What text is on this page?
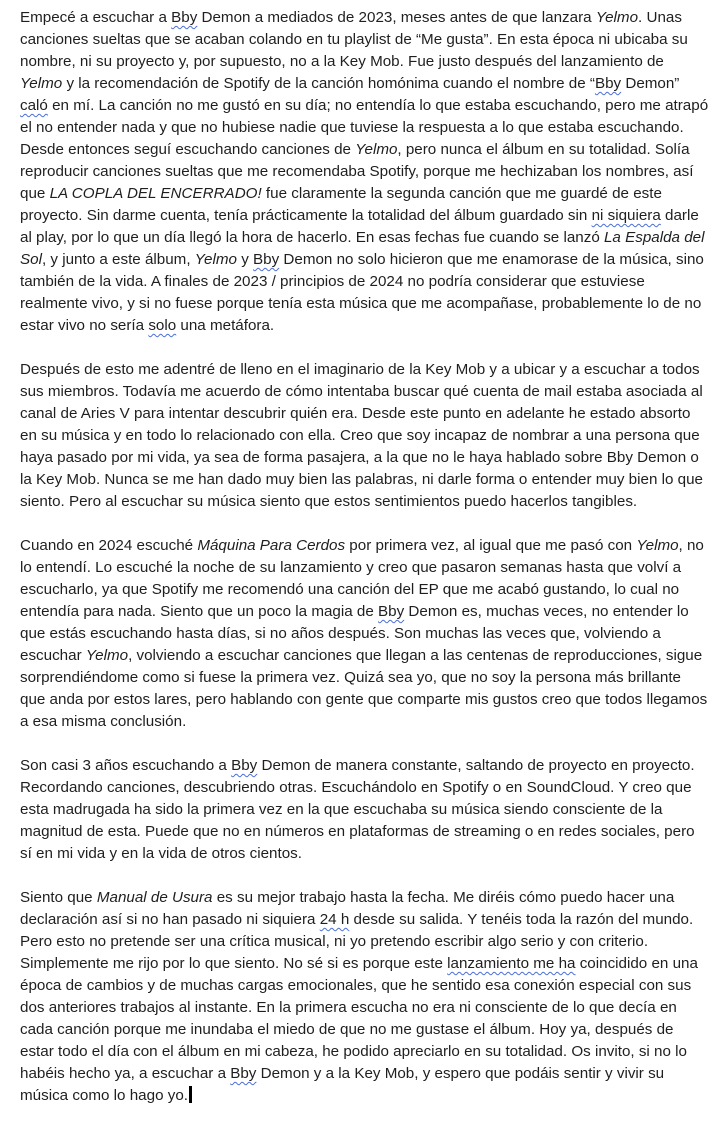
Empecé a escuchar a Bby Demon a mediados de 2023, meses antes de que lanzara Yelmo. Unas canciones sueltas que se acaban colando en tu playlist de “Me gusta”. En esta época ni ubicaba su nombre, ni su proyecto y, por supuesto, no a la Key Mob. Fue justo después del lanzamiento de Yelmo y la recomendación de Spotify de la canción homónima cuando el nombre de “Bby Demon” caló en mí. La canción no me gustó en su día; no entendía lo que estaba escuchando, pero me atrapó el no entender nada y que no hubiese nadie que tuviese la respuesta a lo que estaba escuchando. Desde entonces seguí escuchando canciones de Yelmo, pero nunca el álbum en su totalidad. Solía reproducir canciones sueltas que me recomendaba Spotify, porque me hechizaban los nombres, así que LA COPLA DEL ENCERRADO! fue claramente la segunda canción que me guardé de este proyecto. Sin darme cuenta, tenía prácticamente la totalidad del álbum guardado sin ni siquiera darle al play, por lo que un día llegó la hora de hacerlo. En esas fechas fue cuando se lanzó La Espalda del Sol, y junto a este álbum, Yelmo y Bby Demon no solo hicieron que me enamorase de la música, sino también de la vida. A finales de 2023 / principios de 2024 no podría considerar que estuviese realmente vivo, y si no fuese porque tenía esta música que me acompañase, probablemente lo de no estar vivo no sería solo una metáfora.

Después de esto me adentré de lleno en el imaginario de la Key Mob y a ubicar y a escuchar a todos sus miembros. Todavía me acuerdo de cómo intentaba buscar qué cuenta de mail estaba asociada al canal de Aries V para intentar descubrir quién era. Desde este punto en adelante he estado absorto en su música y en todo lo relacionado con ella. Creo que soy incapaz de nombrar a una persona que haya pasado por mi vida, ya sea de forma pasajera, a la que no le haya hablado sobre Bby Demon o la Key Mob. Nunca se me han dado muy bien las palabras, ni darle forma o entender muy bien lo que siento. Pero al escuchar su música siento que estos sentimientos puedo hacerlos tangibles.

Cuando en 2024 escuché Máquina Para Cerdos por primera vez, al igual que me pasó con Yelmo, no lo entendí. Lo escuché la noche de su lanzamiento y creo que pasaron semanas hasta que volví a escucharlo, ya que Spotify me recomendó una canción del EP que me acabó gustando, lo cual no entendía para nada. Siento que un poco la magia de Bby Demon es, muchas veces, no entender lo que estás escuchando hasta días, si no años después. Son muchas las veces que, volviendo a escuchar Yelmo, volviendo a escuchar canciones que llegan a las centenas de reproducciones, sigue sorprendiéndome como si fuese la primera vez. Quizá sea yo, que no soy la persona más brillante que anda por estos lares, pero hablando con gente que comparte mis gustos creo que todos llegamos a esa misma conclusión.

Son casi 3 años escuchando a Bby Demon de manera constante, saltando de proyecto en proyecto. Recordando canciones, descubriendo otras. Escuchándolo en Spotify o en SoundCloud. Y creo que esta madrugada ha sido la primera vez en la que escuchaba su música siendo consciente de la magnitud de esta. Puede que no en números en plataformas de streaming o en redes sociales, pero sí en mi vida y en la vida de otros cientos.

Siento que Manual de Usura es su mejor trabajo hasta la fecha. Me diréis cómo puedo hacer una declaración así si no han pasado ni siquiera 24 h desde su salida. Y tenéis toda la razón del mundo. Pero esto no pretende ser una crítica musical, ni yo pretendo escribir algo serio y con criterio. Simplemente me rijo por lo que siento. No sé si es porque este lanzamiento me ha coincidido en una época de cambios y de muchas cargas emocionales, que he sentido esa conexión especial con sus dos anteriores trabajos al instante. En la primera escucha no era ni consciente de lo que decía en cada canción porque me inundaba el miedo de que no me gustase el álbum. Hoy ya, después de estar todo el día con el álbum en mi cabeza, he podido apreciarlo en su totalidad. Os invito, si no lo habéis hecho ya, a escuchar a Bby Demon y a la Key Mob, y espero que podáis sentir y vivir su música como lo hago yo.
